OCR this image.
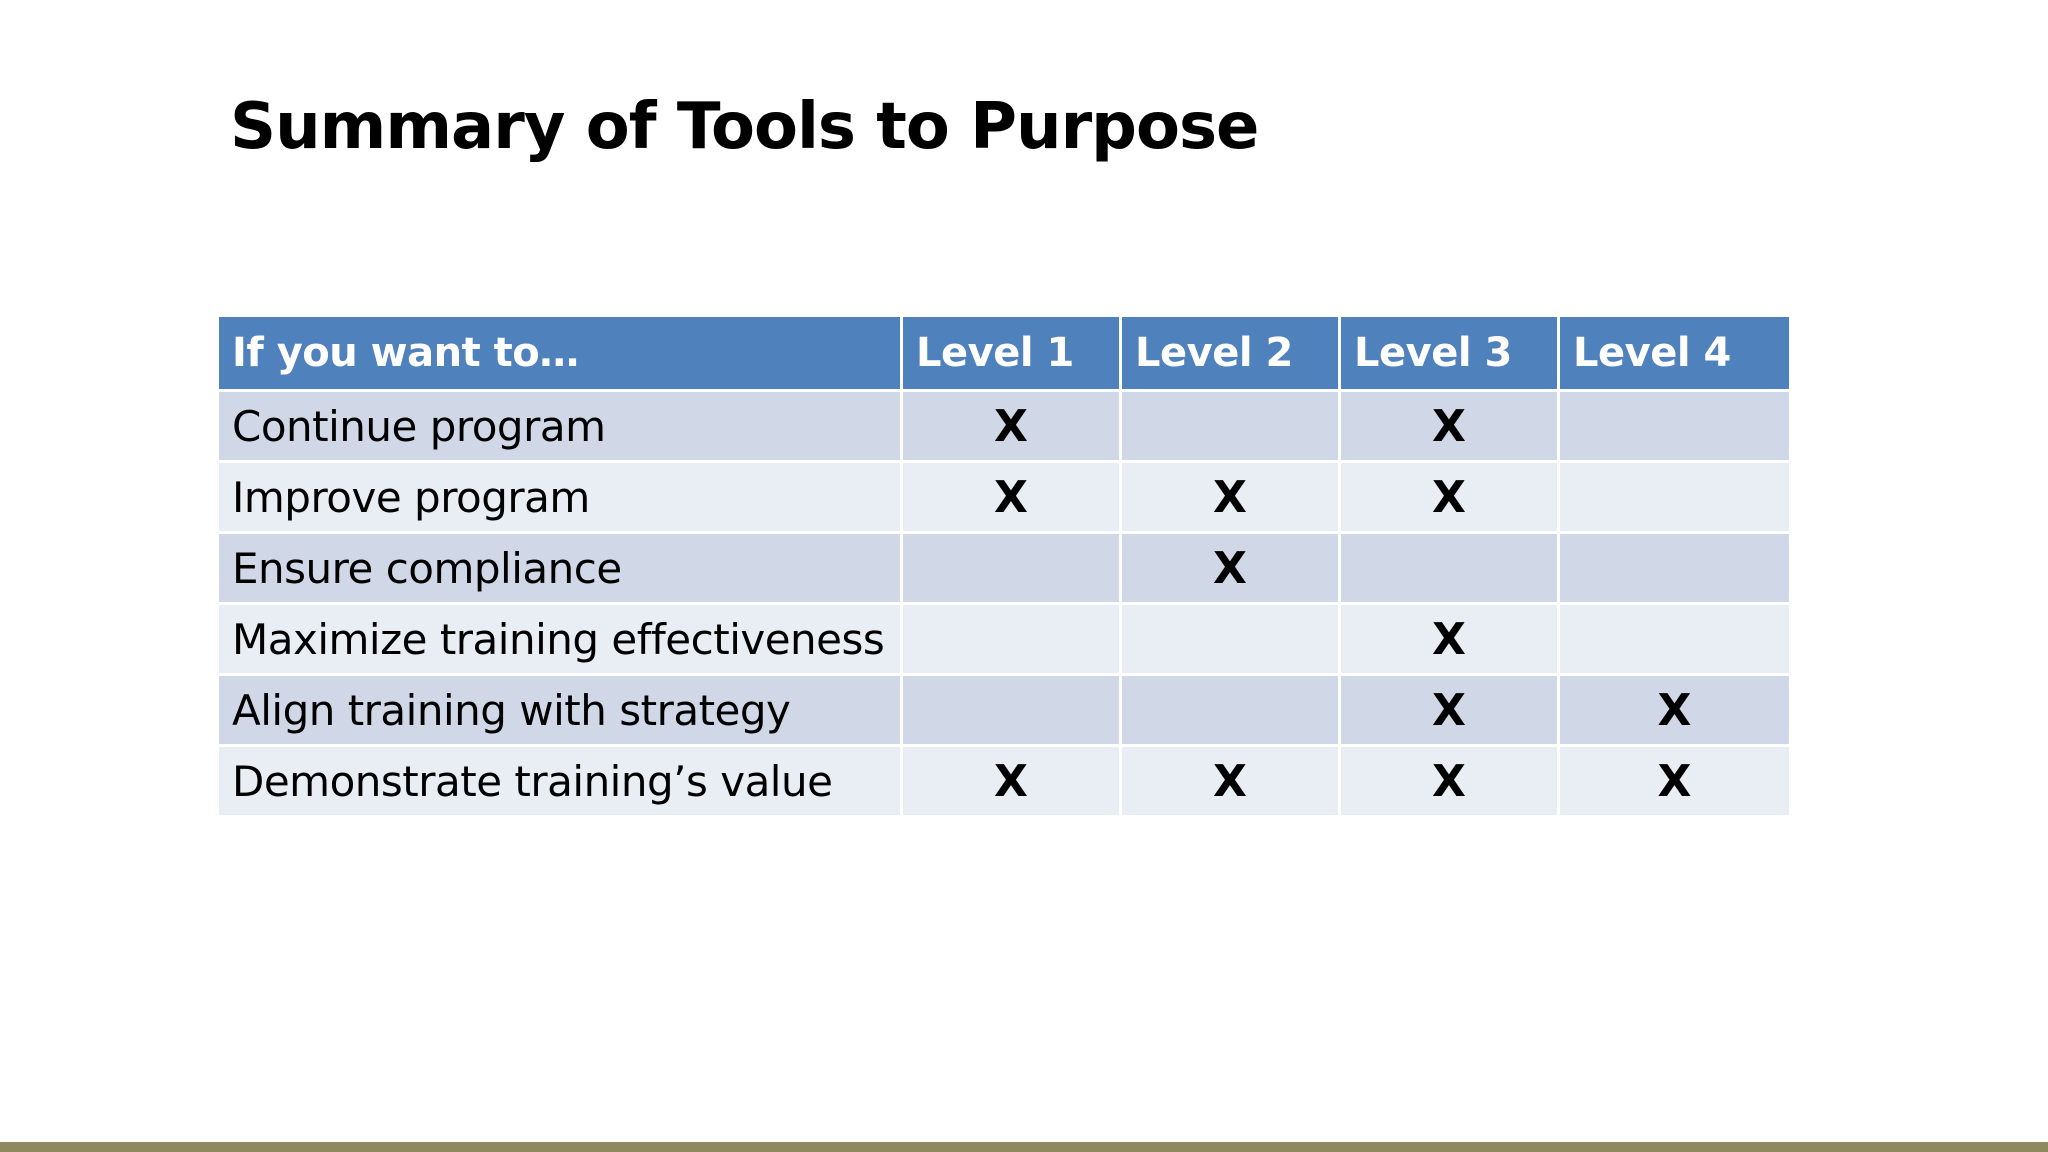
Summary of Tools to Purpose
If you want to…	Level 1	Level 2	Level 3	Level 4
Continue program	X		X	
Improve program	X	X	X	
Ensure compliance		X		
Maximize training effectiveness			X	
Align training with strategy			X	X
Demonstrate training’s value	X	X	X	X
